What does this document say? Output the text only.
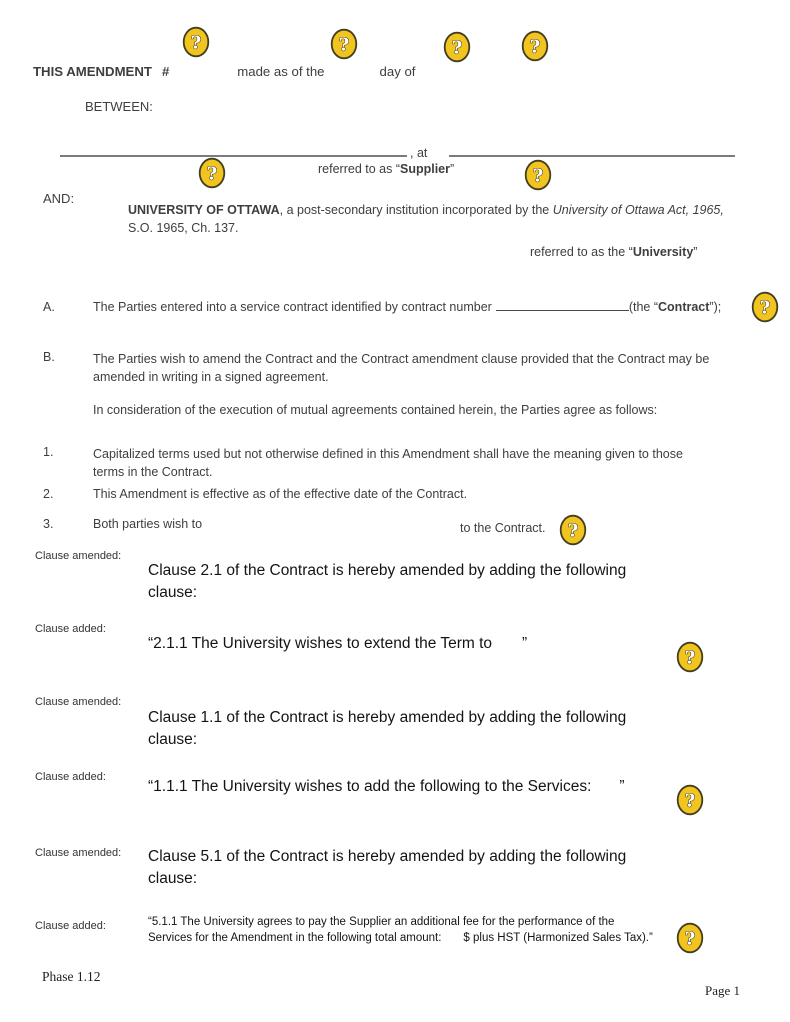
THIS AMENDMENT #	made as of the	day of
BETWEEN:
, at
referred to as “Supplier”
AND:
UNIVERSITY OF OTTAWA, a post-secondary institution incorporated by the University of Ottawa Act, 1965,
S.O. 1965, Ch. 137.
referred to as the “University”
A.	The Parties entered into a service contract identified by contract number	(the “Contract”);
B.	The Parties wish to amend the Contract and the Contract amendment clause provided that the Contract may be
amended in writing in a signed agreement.
In consideration of the execution of mutual agreements contained herein, the Parties agree as follows:
1.	Capitalized terms used but not otherwise defined in this Amendment shall have the meaning given to those
terms in the Contract.
2.	This Amendment is effective as of the effective date of the Contract.
3.	Both parties wish to	to the Contract.
Clause amended:
Clause 2.1 of the Contract is hereby amended by adding the following clause:
Clause added:
“2.1.1 The University wishes to extend the Term to ”
Clause amended:
Clause 1.1 of the Contract is hereby amended by adding the following clause:
Clause added:
“1.1.1 The University wishes to add the following to the Services: ”
Clause amended: Clause 5.1 of the Contract is hereby amended by adding the following clause:
Clause added:	“5.1.1 The University agrees to pay the Supplier an additional fee for the performance of the
Services for the Amendment in the following total amount: $ plus HST (Harmonized Sales Tax).”
Phase 1.12
Page 1
?	?	?	?
?	?
?
?
?
?
?
